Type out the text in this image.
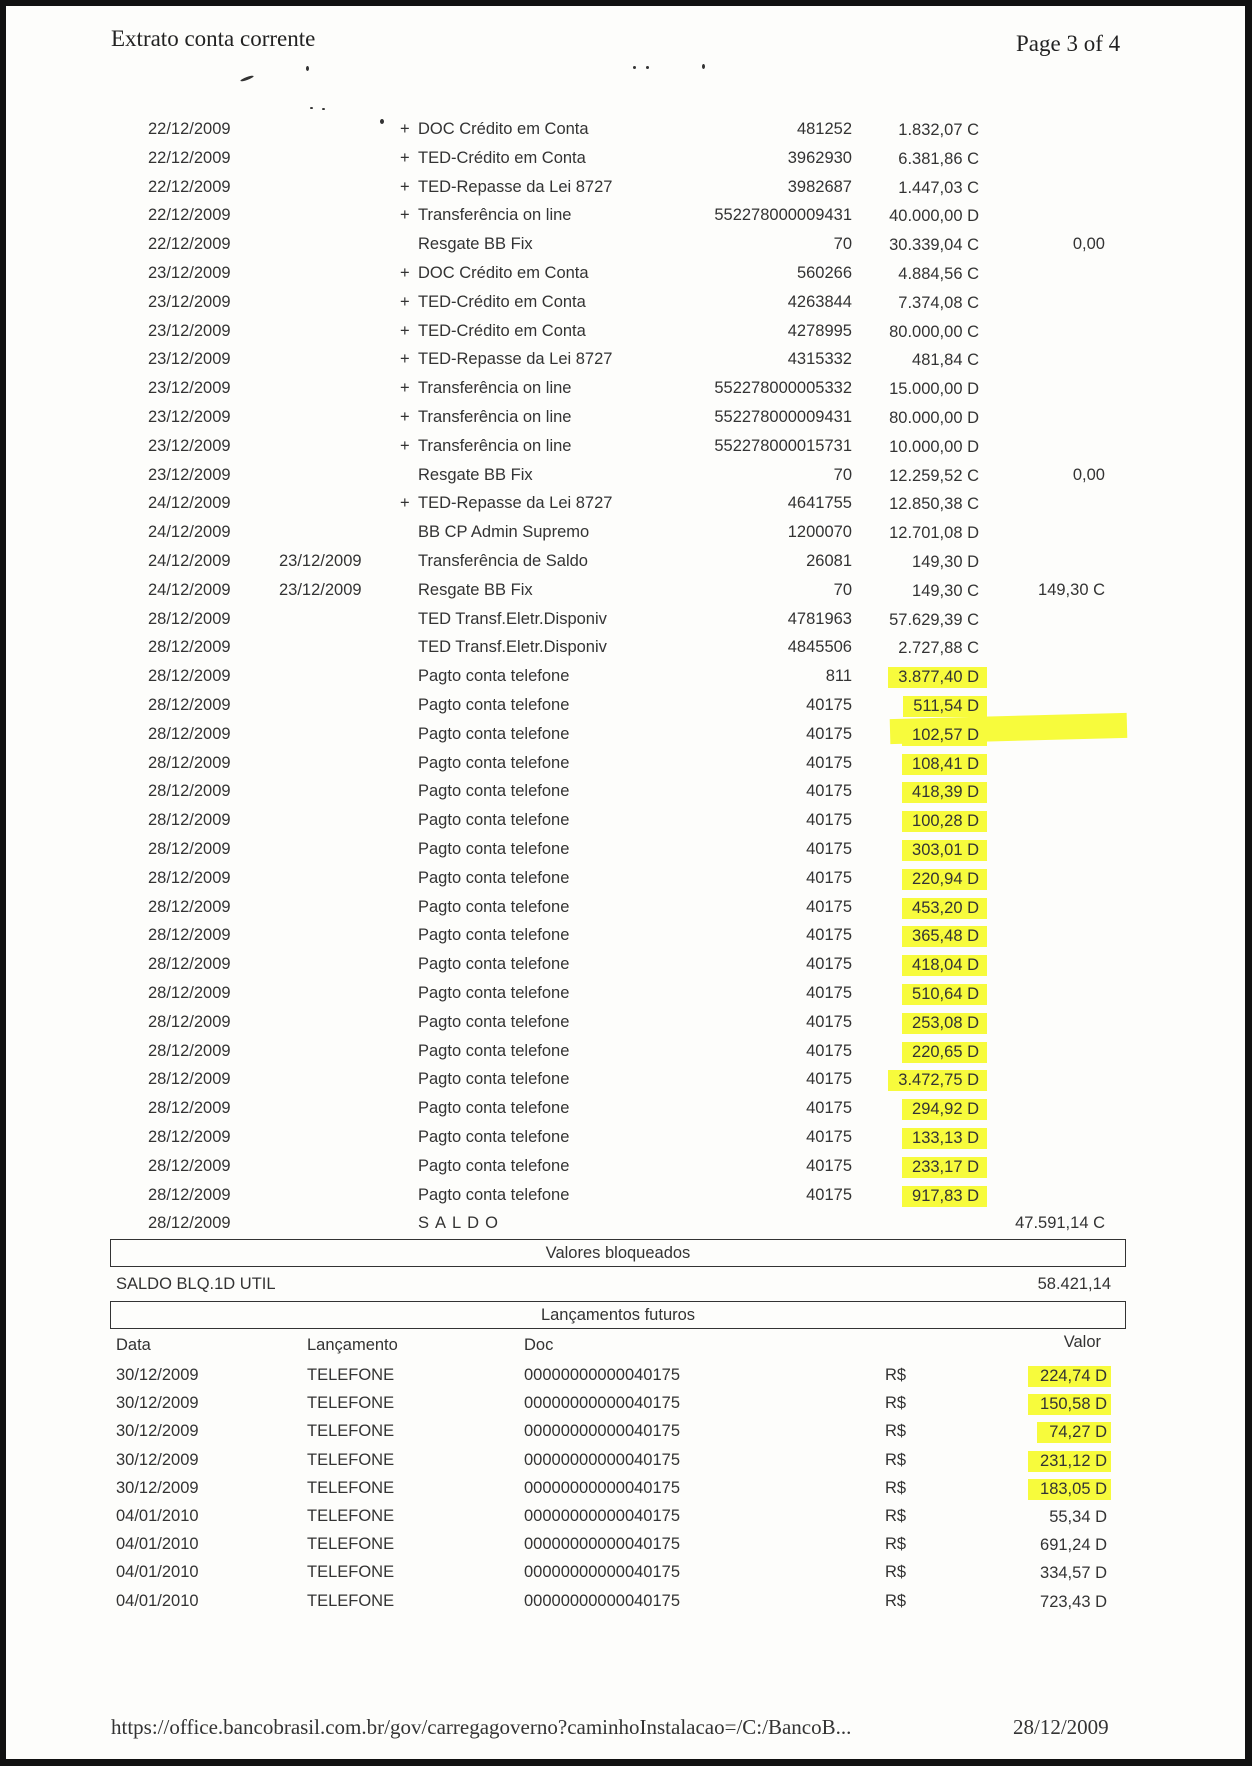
Extrato conta corrente	Page 3 of 4
22/12/2009	+ DOC Crédito em Conta	481252	1.832,07 C
22/12/2009	+ TED-Crédito em Conta	3962930	6.381,86 C
22/12/2009	+ TED-Repasse da Lei 8727	3982687	1.447,03 C
22/12/2009	+ Transferência on line	552278000009431	40.000,00 D
22/12/2009	Resgate BB Fix	70	30.339,04 C	0,00
23/12/2009	+ DOC Crédito em Conta	560266	4.884,56 C
23/12/2009	+ TED-Crédito em Conta	4263844	7.374,08 C
23/12/2009	+ TED-Crédito em Conta	4278995	80.000,00 C
23/12/2009	+ TED-Repasse da Lei 8727	4315332	481,84 C
23/12/2009	+ Transferência on line	552278000005332	15.000,00 D
23/12/2009	+ Transferência on line	552278000009431	80.000,00 D
23/12/2009	+ Transferência on line	552278000015731	10.000,00 D
23/12/2009	Resgate BB Fix	70	12.259,52 C	0,00
24/12/2009	+ TED-Repasse da Lei 8727	4641755	12.850,38 C
24/12/2009	BB CP Admin Supremo	1200070	12.701,08 D
24/12/2009	23/12/2009	Transferência de Saldo	26081	149,30 D
24/12/2009	23/12/2009	Resgate BB Fix	70	149,30 C	149,30 C
28/12/2009	TED Transf.Eletr.Disponiv	4781963	57.629,39 C
28/12/2009	TED Transf.Eletr.Disponiv	4845506	2.727,88 C
28/12/2009	Pagto conta telefone	811	3.877,40 D
28/12/2009	Pagto conta telefone	40175	511,54 D
28/12/2009	Pagto conta telefone	40175	102,57 D
28/12/2009	Pagto conta telefone	40175	108,41 D
28/12/2009	Pagto conta telefone	40175	418,39 D
28/12/2009	Pagto conta telefone	40175	100,28 D
28/12/2009	Pagto conta telefone	40175	303,01 D
28/12/2009	Pagto conta telefone	40175	220,94 D
28/12/2009	Pagto conta telefone	40175	453,20 D
28/12/2009	Pagto conta telefone	40175	365,48 D
28/12/2009	Pagto conta telefone	40175	418,04 D
28/12/2009	Pagto conta telefone	40175	510,64 D
28/12/2009	Pagto conta telefone	40175	253,08 D
28/12/2009	Pagto conta telefone	40175	220,65 D
28/12/2009	Pagto conta telefone	40175	3.472,75 D
28/12/2009	Pagto conta telefone	40175	294,92 D
28/12/2009	Pagto conta telefone	40175	133,13 D
28/12/2009	Pagto conta telefone	40175	233,17 D
28/12/2009	Pagto conta telefone	40175	917,83 D
28/12/2009	SALDO	47.591,14 C
Valores bloqueados
SALDO BLQ.1D UTIL	58.421,14
Lançamentos futuros
Data	Lançamento	Doc	Valor
30/12/2009	TELEFONE	00000000000040175	R$	224,74 D
30/12/2009	TELEFONE	00000000000040175	R$	150,58 D
30/12/2009	TELEFONE	00000000000040175	R$	74,27 D
30/12/2009	TELEFONE	00000000000040175	R$	231,12 D
30/12/2009	TELEFONE	00000000000040175	R$	183,05 D
04/01/2010	TELEFONE	00000000000040175	R$	55,34 D
04/01/2010	TELEFONE	00000000000040175	R$	691,24 D
04/01/2010	TELEFONE	00000000000040175	R$	334,57 D
04/01/2010	TELEFONE	00000000000040175	R$	723,43 D
https://office.bancobrasil.com.br/gov/carregagoverno?caminhoInstalacao=/C:/BancoB...	28/12/2009
